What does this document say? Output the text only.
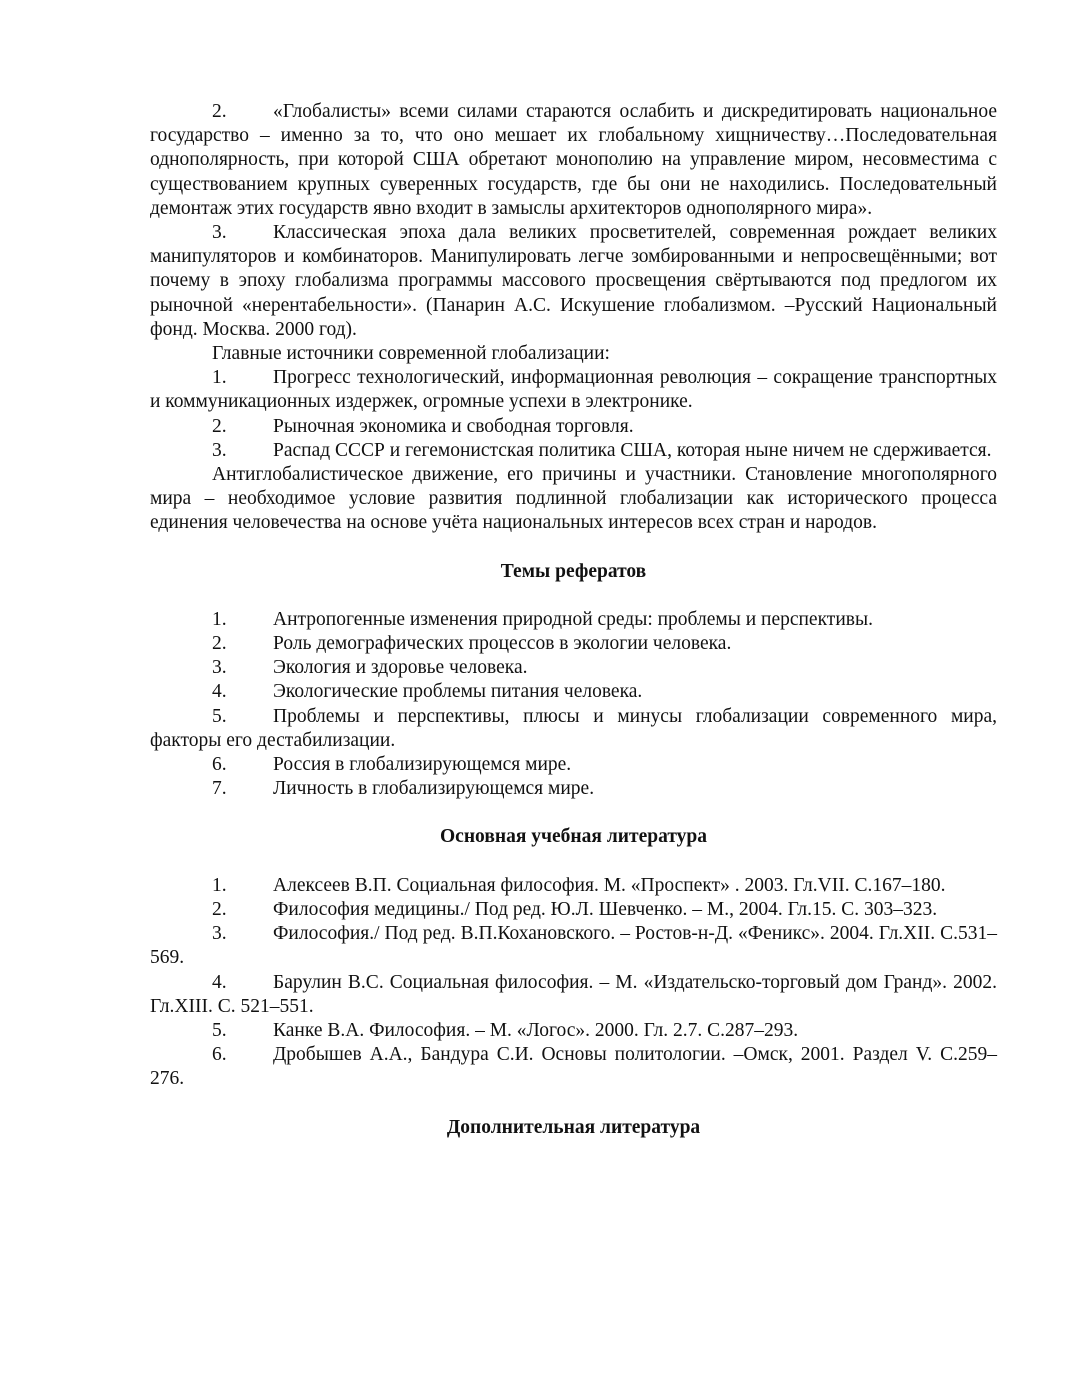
2. «Глобалисты» всеми силами стараются ослабить и дискредитировать национальное государство – именно за то, что оно мешает их глобальному хищничеству…Последовательная однополярность, при которой США обретают монополию на управление миром, несовместима с существованием крупных суверенных государств, где бы они не находились. Последовательный демонтаж этих государств явно входит в замыслы архитекторов однополярного мира».

3. Классическая эпоха дала великих просветителей, современная рождает великих манипуляторов и комбинаторов. Манипулировать легче зомбированными и непросвещёнными; вот почему в эпоху глобализма программы массового просвещения свёртываются под предлогом их рыночной «нерентабельности». (Панарин А.С. Искушение глобализмом. –Русский Национальный фонд. Москва. 2000 год).

Главные источники современной глобализации:

1. Прогресс технологический, информационная революция – сокращение транспортных и коммуникационных издержек, огромные успехи в электронике.

2. Рыночная экономика и свободная торговля.

3. Распад СССР и гегемонистская политика США, которая ныне ничем не сдерживается.

Антиглобалистическое движение, его причины и участники. Становление многополярного мира – необходимое условие развития подлинной глобализации как исторического процесса единения человечества на основе учёта национальных интересов всех стран и народов.

Темы рефератов

1. Антропогенные изменения природной среды: проблемы и перспективы.

2. Роль демографических процессов в экологии человека.

3. Экология и здоровье человека.

4. Экологические проблемы питания человека.

5. Проблемы и перспективы, плюсы и минусы глобализации современного мира, факторы его дестабилизации.

6. Россия в глобализирующемся мире.

7. Личность в глобализирующемся мире.

Основная учебная литература

1. Алексеев В.П. Социальная философия. М. «Проспект» . 2003. Гл.VII. С.167–180.

2. Философия медицины./ Под ред. Ю.Л. Шевченко. – М., 2004. Гл.15. С. 303–323.

3. Философия./ Под ред. В.П.Кохановского. – Ростов-н-Д. «Феникс». 2004. Гл.XII. С.531–569.

4. Барулин В.С. Социальная философия. – М. «Издательско-торговый дом Гранд». 2002. Гл.XIII. С. 521–551.

5. Канке В.А. Философия. – М. «Логос». 2000. Гл. 2.7. С.287–293.

6. Дробышев А.А., Бандура С.И. Основы политологии. –Омск, 2001. Раздел V. С.259–276.

Дополнительная литература
